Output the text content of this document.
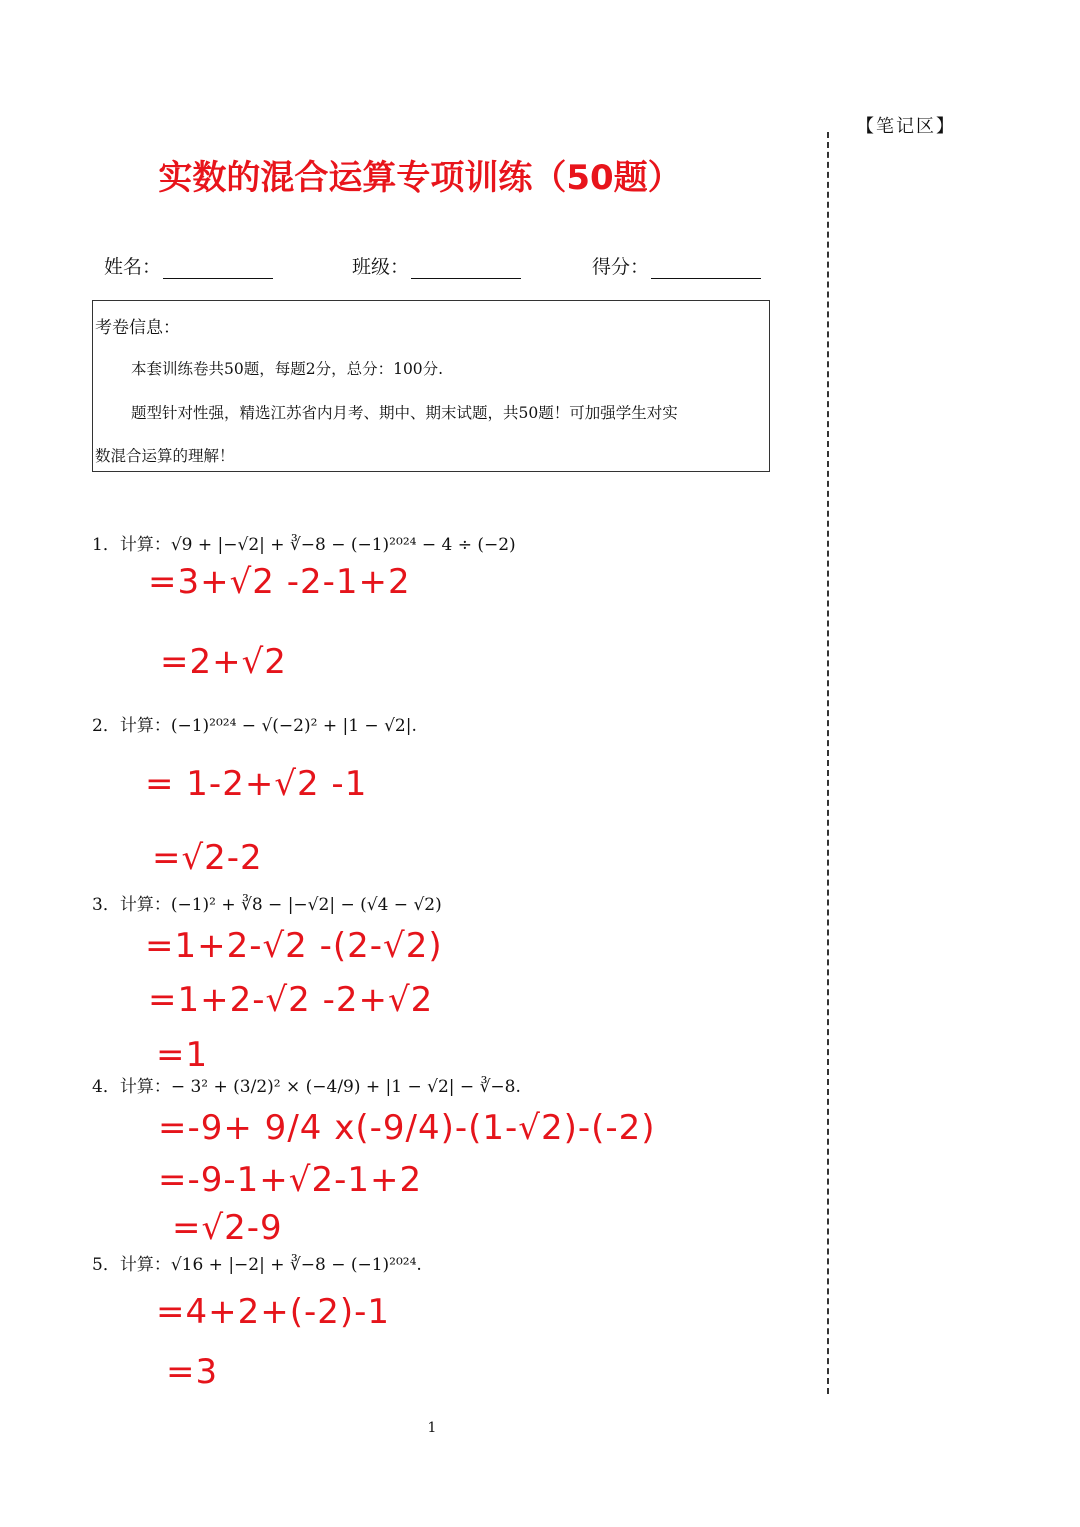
【笔记区】
实数的混合运算专项训练（50题）
姓名：	班级：	得分：
考卷信息：
本套训练卷共50题，每题2分，总分：100分.
题型针对性强，精选江苏省内月考、期中、期末试题，共50题！可加强学生对实
数混合运算的理解！
1．计算：√9 + |−√2| + ∛−8 − (−1)²⁰²⁴ − 4 ÷ (−2)
=3+√2 -2-1+2
=2+√2
2．计算：(−1)²⁰²⁴ − √(−2)² + |1 − √2|.
= 1-2+√2 -1
=√2-2
3．计算：(−1)² + ∛8 − |−√2| − (√4 − √2)
=1+2-√2 -(2-√2)
=1+2-√2 -2+√2
=1
4．计算：− 3² + (3/2)² × (−4/9) + |1 − √2| − ∛−8.
=-9+ 9/4 x(-9/4)-(1-√2)-(-2)
=-9-1+√2-1+2
=√2-9
5．计算：√16 + |−2| + ∛−8 − (−1)²⁰²⁴.
=4+2+(-2)-1
=3
1
